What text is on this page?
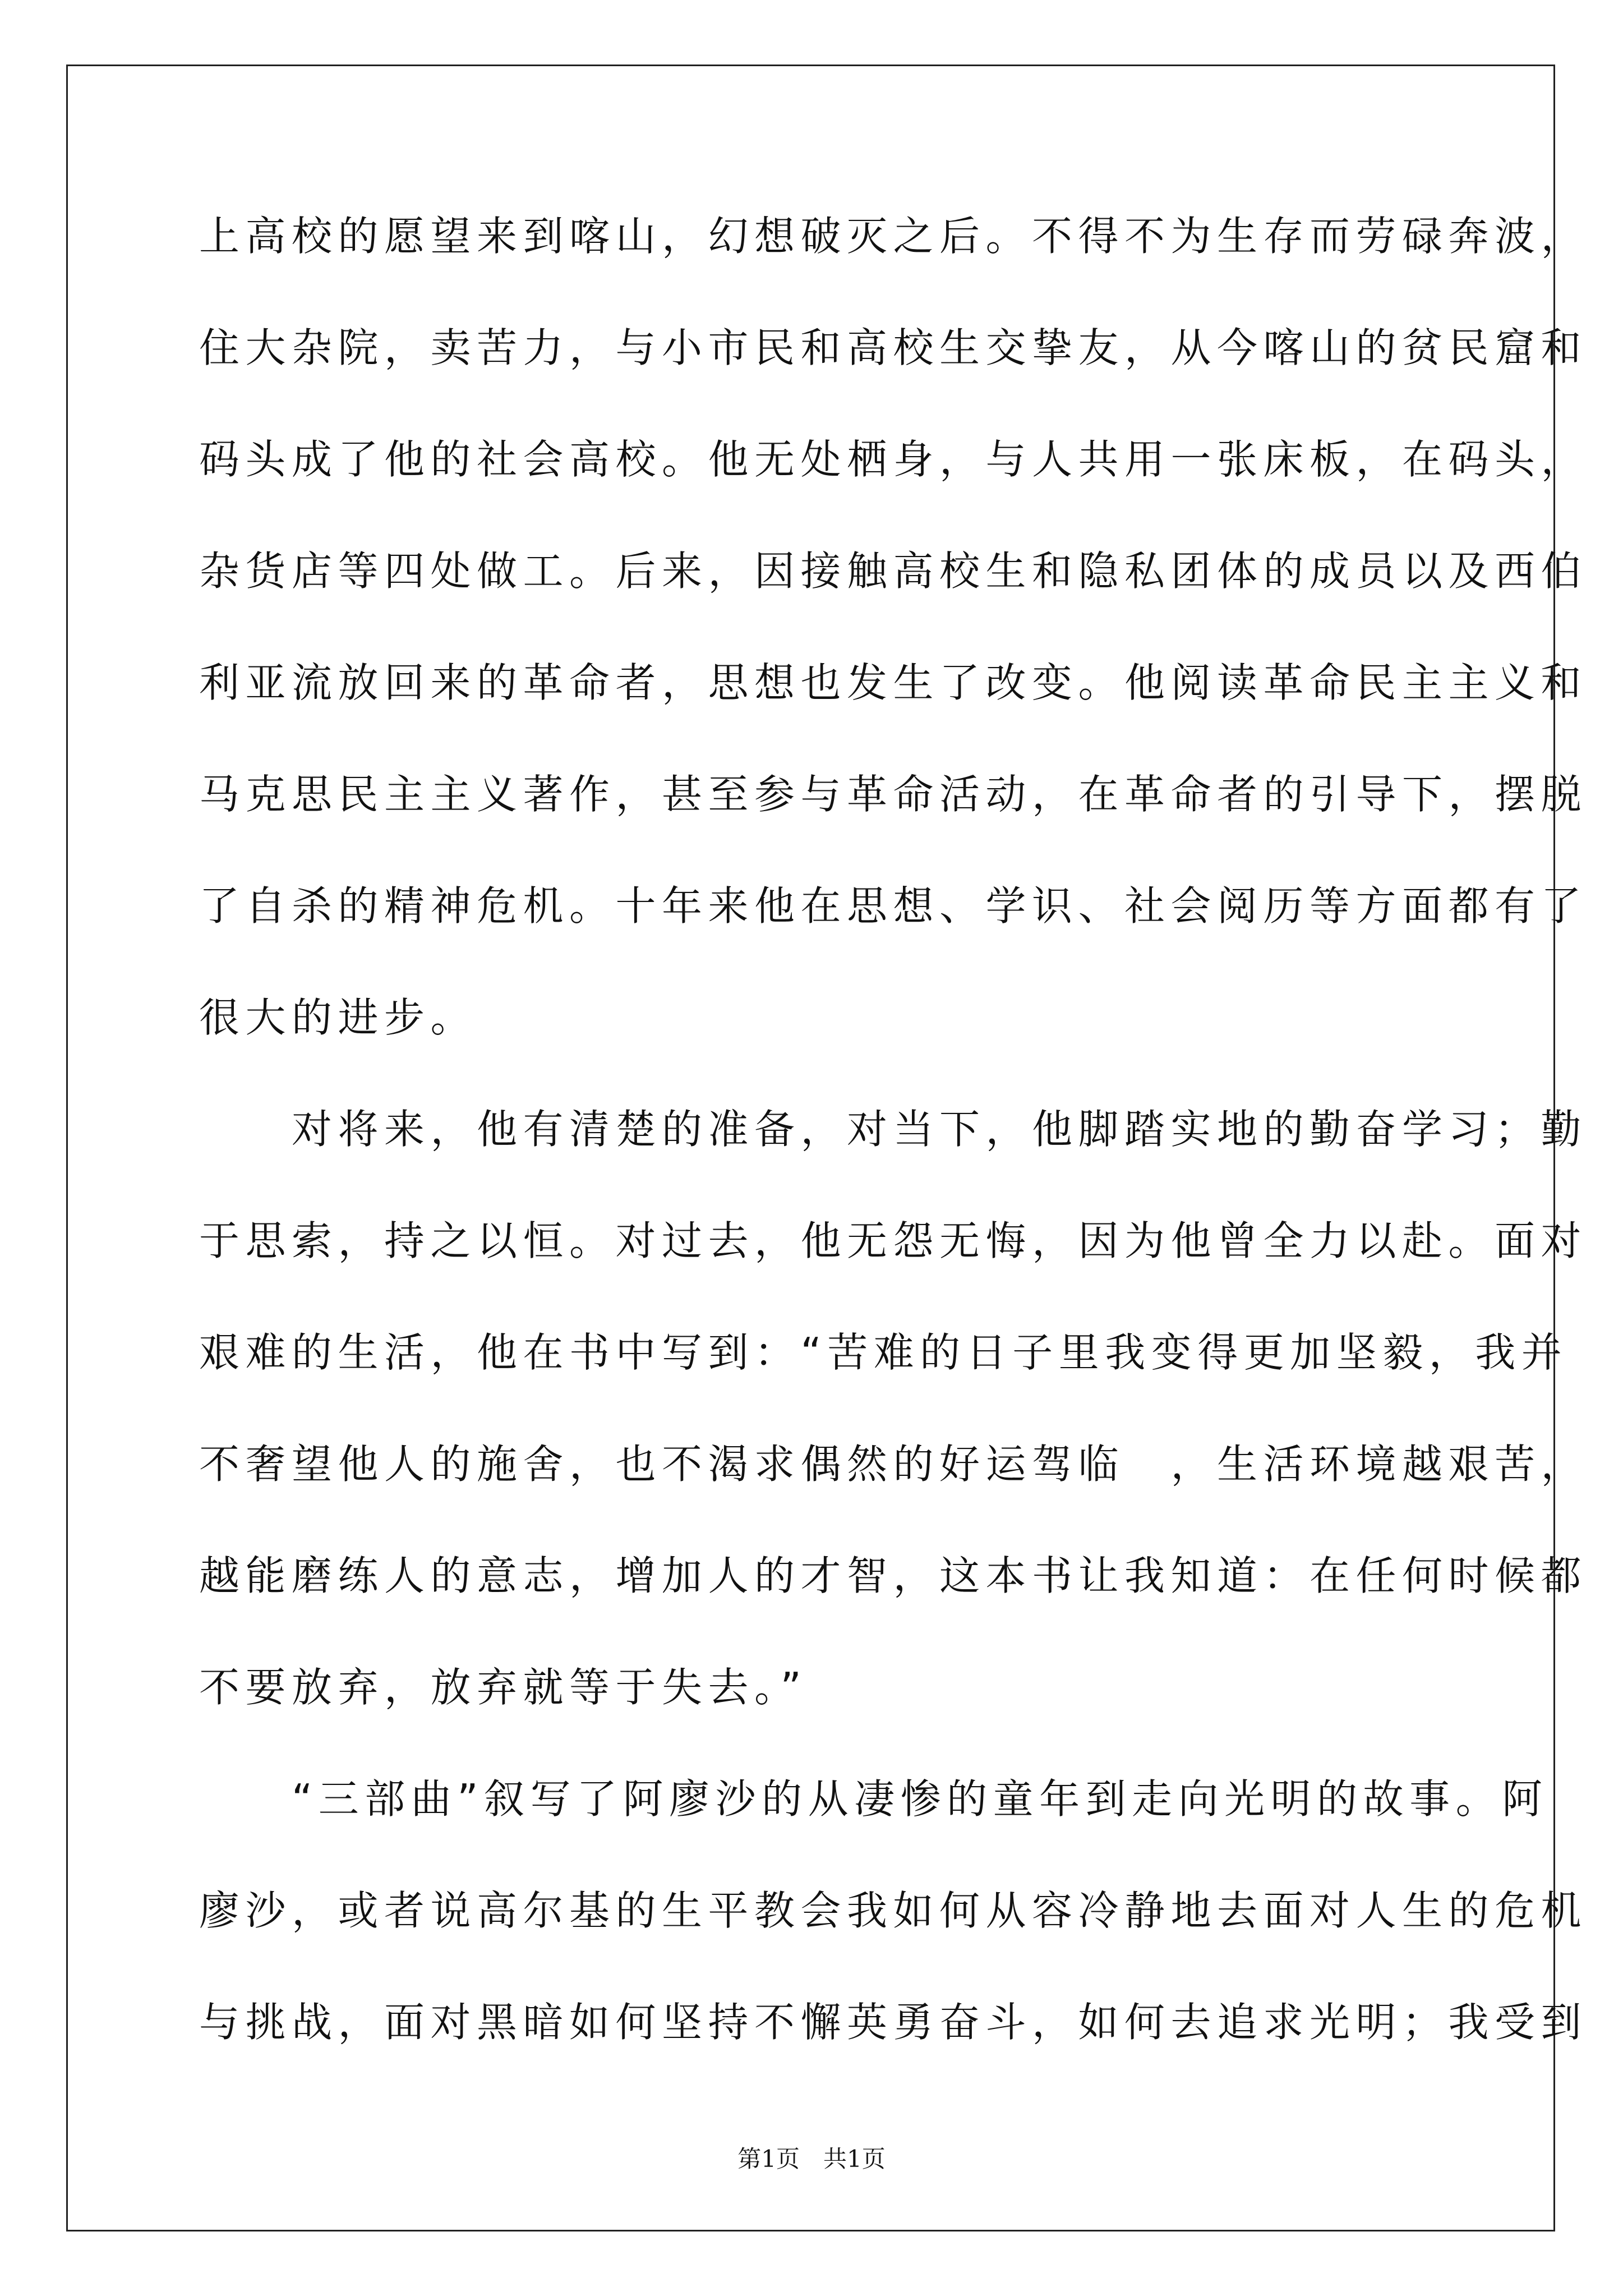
上高校的愿望来到喀山，幻想破灭之后。不得不为生存而劳碌奔波，
住大杂院，卖苦力，与小市民和高校生交挚友，从今喀山的贫民窟和
码头成了他的社会高校。他无处栖身，与人共用一张床板，在码头，
杂货店等四处做工。后来，因接触高校生和隐私团体的成员以及西伯
利亚流放回来的革命者，思想也发生了改变。他阅读革命民主主义和
马克思民主主义著作，甚至参与革命活动，在革命者的引导下，摆脱
了自杀的精神危机。十年来他在思想、学识、社会阅历等方面都有了
很大的进步。
　　对将来，他有清楚的准备，对当下，他脚踏实地的勤奋学习；勤
于思索，持之以恒。对过去，他无怨无悔，因为他曾全力以赴。面对
艰难的生活，他在书中写到：“苦难的日子里我变得更加坚毅，我并
不奢望他人的施舍，也不渴求偶然的好运驾临　，生活环境越艰苦，
越能磨练人的意志，增加人的才智，这本书让我知道：在任何时候都
不要放弃，放弃就等于失去。”
　　“三部曲”叙写了阿廖沙的从凄惨的童年到走向光明的故事。阿
廖沙，或者说高尔基的生平教会我如何从容冷静地去面对人生的危机
与挑战，面对黑暗如何坚持不懈英勇奋斗，如何去追求光明；我受到
第1页　共1页
